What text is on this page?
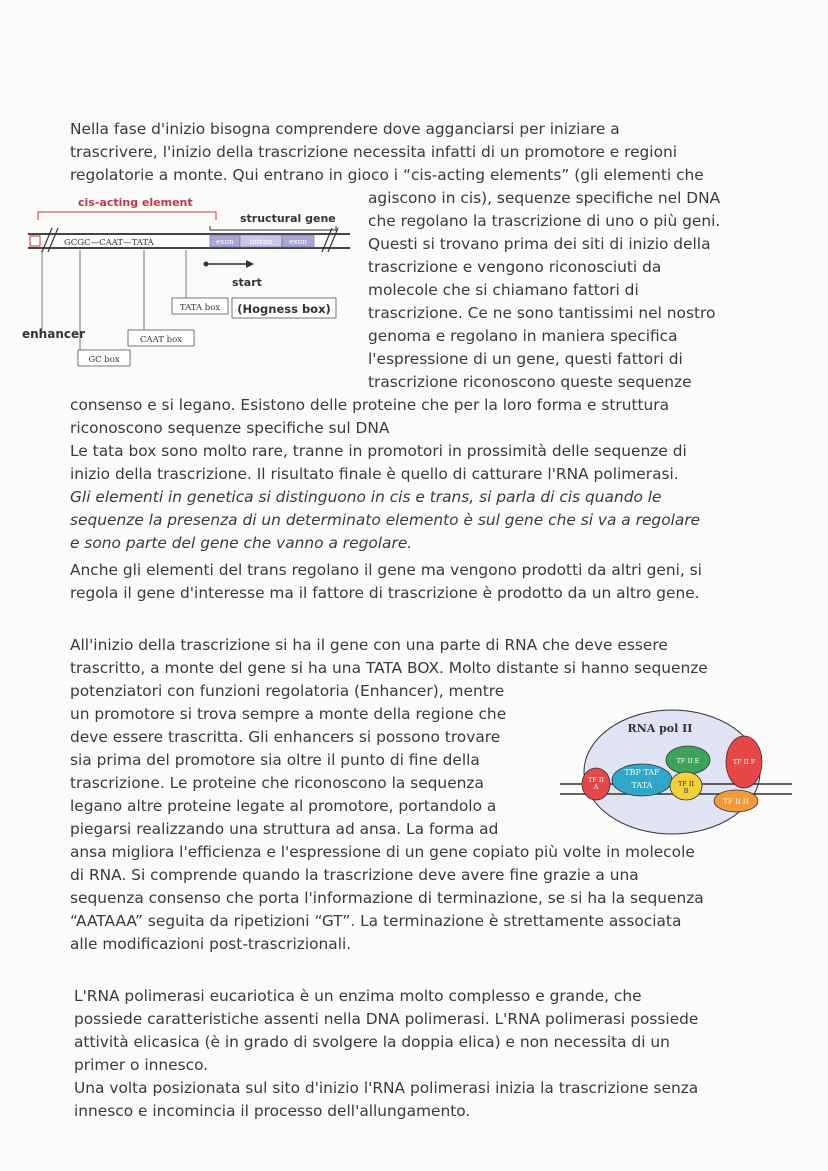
Nella fase d'inizio bisogna comprendere dove agganciarsi per iniziare a
trascrivere, l'inizio della trascrizione necessita infatti di un promotore e regioni
regolatorie a monte. Qui entrano in gioco i “cis-acting elements” (gli elementi che
agiscono in cis), sequenze specifiche nel DNA
che regolano la trascrizione di uno o più geni.
Questi si trovano prima dei siti di inizio della
trascrizione e vengono riconosciuti da
molecole che si chiamano fattori di
trascrizione. Ce ne sono tantissimi nel nostro
genoma e regolano in maniera specifica
l'espressione di un gene, questi fattori di
trascrizione riconoscono queste sequenze
consenso e si legano. Esistono delle proteine che per la loro forma e struttura
riconoscono sequenze specifiche sul DNA
Le tata box sono molto rare, tranne in promotori in prossimità delle sequenze di
inizio della trascrizione. Il risultato finale è quello di catturare l'RNA polimerasi.
Gli elementi in genetica si distinguono in cis e trans, si parla di cis quando le
sequenze la presenza di un determinato elemento è sul gene che si va a regolare
e sono parte del gene che vanno a regolare.
Anche gli elementi del trans regolano il gene ma vengono prodotti da altri geni, si
regola il gene d'interesse ma il fattore di trascrizione è prodotto da un altro gene.
All'inizio della trascrizione si ha il gene con una parte di RNA che deve essere
trascritto, a monte del gene si ha una TATA BOX. Molto distante si hanno sequenze
potenziatori con funzioni regolatoria (Enhancer), mentre
un promotore si trova sempre a monte della regione che
deve essere trascritta. Gli enhancers si possono trovare
sia prima del promotore sia oltre il punto di fine della
trascrizione. Le proteine che riconoscono la sequenza
legano altre proteine legate al promotore, portandolo a
piegarsi realizzando una struttura ad ansa. La forma ad
ansa migliora l'efficienza e l'espressione di un gene copiato più volte in molecole
di RNA. Si comprende quando la trascrizione deve avere fine grazie a una
sequenza consenso che porta l'informazione di terminazione, se si ha la sequenza
“AATAAA” seguita da ripetizioni “GT”. La terminazione è strettamente associata
alle modificazioni post-trascrizionali.
L'RNA polimerasi eucariotica è un enzima molto complesso e grande, che
possiede caratteristiche assenti nella DNA polimerasi. L'RNA polimerasi possiede
attività elicasica (è in grado di svolgere la doppia elica) e non necessita di un
primer o innesco.
Una volta posizionata sul sito d'inizio l'RNA polimerasi inizia la trascrizione senza
innesco e incomincia il processo dell'allungamento.
cis-acting element
structural gene
GCGC—CAAT—TATA	exon intron exon
start
TATA box (Hogness box)
enhancer	CAAT box
GC box
RNA pol II
TF II A
TBP TAF
TATA
TF II E	TF II F
TF II B
TF II H
